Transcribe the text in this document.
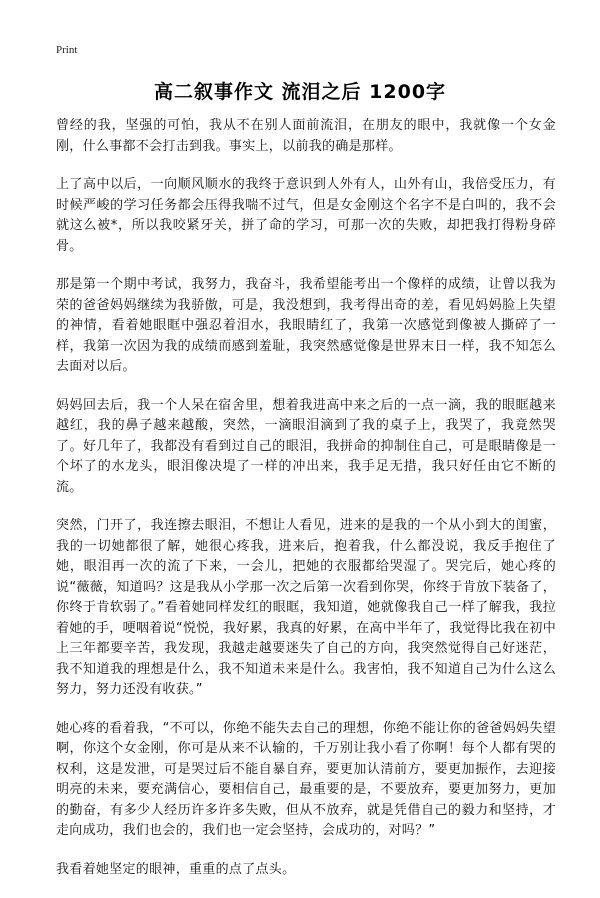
Print
高二叙事作文 流泪之后 1200字

曾经的我，坚强的可怕，我从不在别人面前流泪，在朋友的眼中，我就像一个女金刚，什么事都不会打击到我。事实上，以前我的确是那样。

上了高中以后，一向顺风顺水的我终于意识到人外有人，山外有山，我倍受压力，有时候严峻的学习任务都会压得我喘不过气，但是女金刚这个名字不是白叫的，我不会就这么被*，所以我咬紧牙关，拼了命的学习，可那一次的失败，却把我打得粉身碎骨。

那是第一个期中考试，我努力，我奋斗，我希望能考出一个像样的成绩，让曾以我为荣的爸爸妈妈继续为我骄傲，可是，我没想到，我考得出奇的差，看见妈妈脸上失望的神情，看着她眼眶中强忍着泪水，我眼睛红了，我第一次感觉到像被人撕碎了一样，我第一次因为我的成绩而感到羞耻，我突然感觉像是世界末日一样，我不知怎么去面对以后。

妈妈回去后，我一个人呆在宿舍里，想着我进高中来之后的一点一滴，我的眼眶越来越红，我的鼻子越来越酸，突然，一滴眼泪滴到了我的桌子上，我哭了，我竟然哭了。好几年了，我都没有看到过自己的眼泪，我拼命的抑制住自己，可是眼睛像是一个坏了的水龙头，眼泪像决堤了一样的冲出来，我手足无措，我只好任由它不断的流。

突然，门开了，我连擦去眼泪，不想让人看见，进来的是我的一个从小到大的闺蜜，我的一切她都很了解，她很心疼我，进来后，抱着我，什么都没说，我反手抱住了她，眼泪再一次的流了下来，一会儿，把她的衣服都给哭湿了。哭完后，她心疼的说“薇薇，知道吗？这是我从小学那一次之后第一次看到你哭，你终于肯放下装备了，你终于肯软弱了。”看着她同样发红的眼眶，我知道，她就像我自己一样了解我，我拉着她的手，哽咽着说“悦悦，我好累，我真的好累，在高中半年了，我觉得比我在初中上三年都要辛苦，我发现，我越走越要迷失了自己的方向，我突然觉得自己好迷茫，我不知道我的理想是什么，我不知道未来是什么。我害怕，我不知道自己为什么这么努力，努力还没有收获。”

她心疼的看着我，“不可以，你绝不能失去自己的理想，你绝不能让你的爸爸妈妈失望啊，你这个女金刚，你可是从来不认输的，千万别让我小看了你啊！每个人都有哭的权利，这是发泄，可是哭过后不能自暴自弃，要更加认清前方，要更加振作，去迎接明亮的未来，要充满信心，要相信自己，最重要的是，不要放弃，要更加努力，更加的勤奋，有多少人经历许多许多失败，但从不放弃，就是凭借自己的毅力和坚持，才走向成功，我们也会的，我们也一定会坚持，会成功的，对吗？”

我看着她坚定的眼神，重重的点了点头。
